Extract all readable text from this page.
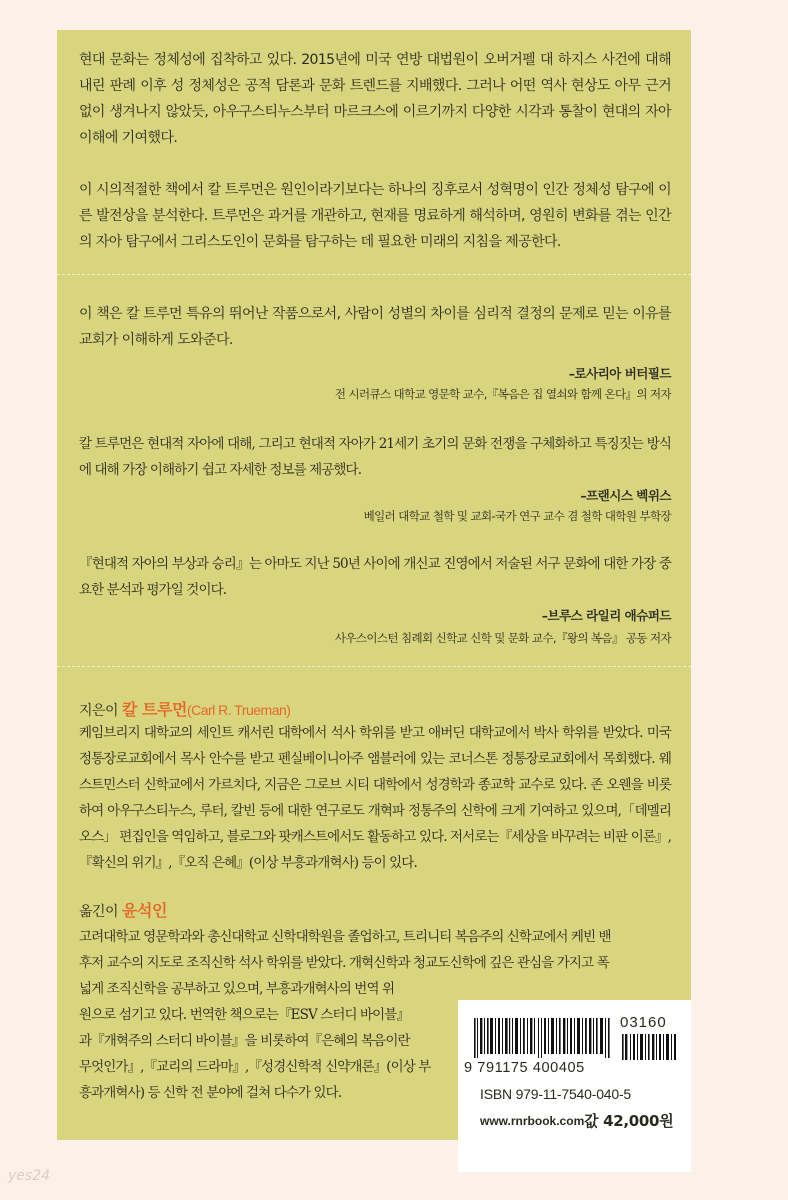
현대 문화는 정체성에 집착하고 있다. 2015년에 미국 연방 대법원이 오버거펠 대 하지스 사건에 대해 내린 판례 이후 성 정체성은 공적 담론과 문화 트렌드를 지배했다. 그러나 어떤 역사 현상도 아무 근거 없이 생겨나지 않았듯, 아우구스티누스부터 마르크스에 이르기까지 다양한 시각과 통찰이 현대의 자아 이해에 기여했다.

이 시의적절한 책에서 칼 트루먼은 원인이라기보다는 하나의 징후로서 성혁명이 인간 정체성 탐구에 이른 발전상을 분석한다. 트루먼은 과거를 개관하고, 현재를 명료하게 해석하며, 영원히 변화를 겪는 인간의 자아 탐구에서 그리스도인이 문화를 탐구하는 데 필요한 미래의 지침을 제공한다.

이 책은 칼 트루먼 특유의 뛰어난 작품으로서, 사람이 성별의 차이를 심리적 결정의 문제로 믿는 이유를 교회가 이해하게 도와준다.

–로사리아 버터필드
전 시러큐스 대학교 영문학 교수,『복음은 집 열쇠와 함께 온다』의 저자

칼 트루먼은 현대적 자아에 대해, 그리고 현대적 자아가 21세기 초기의 문화 전쟁을 구체화하고 특징짓는 방식에 대해 가장 이해하기 쉽고 자세한 정보를 제공했다.

–프랜시스 벡위스
베일러 대학교 철학 및 교회-국가 연구 교수 겸 철학 대학원 부학장

『현대적 자아의 부상과 승리』는 아마도 지난 50년 사이에 개신교 진영에서 저술된 서구 문화에 대한 가장 중요한 분석과 평가일 것이다.

–브루스 라일리 애슈퍼드
사우스이스턴 침례회 신학교 신학 및 문화 교수,『왕의 복음』 공동 저자
지은이 칼 트루먼(Carl R. Trueman)

케임브리지 대학교의 세인트 캐서린 대학에서 석사 학위를 받고 애버딘 대학교에서 박사 학위를 받았다. 미국 정통장로교회에서 목사 안수를 받고 펜실베이니아주 앰블러에 있는 코너스톤 정통장로교회에서 목회했다. 웨스트민스터 신학교에서 가르치다, 지금은 그로브 시티 대학에서 성경학과 종교학 교수로 있다. 존 오웬을 비롯하여 아우구스티누스, 루터, 칼빈 등에 대한 연구로도 개혁파 정통주의 신학에 크게 기여하고 있으며,「데멜리오스」 편집인을 역임하고, 블로그와 팟캐스트에서도 활동하고 있다. 저서로는『세상을 바꾸려는 비판 이론』,『확신의 위기』,『오직 은혜』(이상 부흥과개혁사) 등이 있다.

옮긴이 윤석인
고려대학교 영문학과와 총신대학교 신학대학원을 졸업하고, 트리니티 복음주의 신학교에서 케빈 밴
후저 교수의 지도로 조직신학 석사 학위를 받았다. 개혁신학과 청교도신학에 깊은 관심을 가지고 폭
넓게 조직신학을 공부하고 있으며, 부흥과개혁사의 번역 위
원으로 섬기고 있다. 번역한 책으로는『ESV 스터디 바이블』
과『개혁주의 스터디 바이블』을 비롯하여『은혜의 복음이란
무엇인가』,『교리의 드라마』,『성경신학적 신약개론』(이상 부
흥과개혁사) 등 신학 전 분야에 걸쳐 다수가 있다.
03160
9 791175 400405
ISBN 979-11-7540-040-5
www.rnrbook.com 값 42,000원
yes24
